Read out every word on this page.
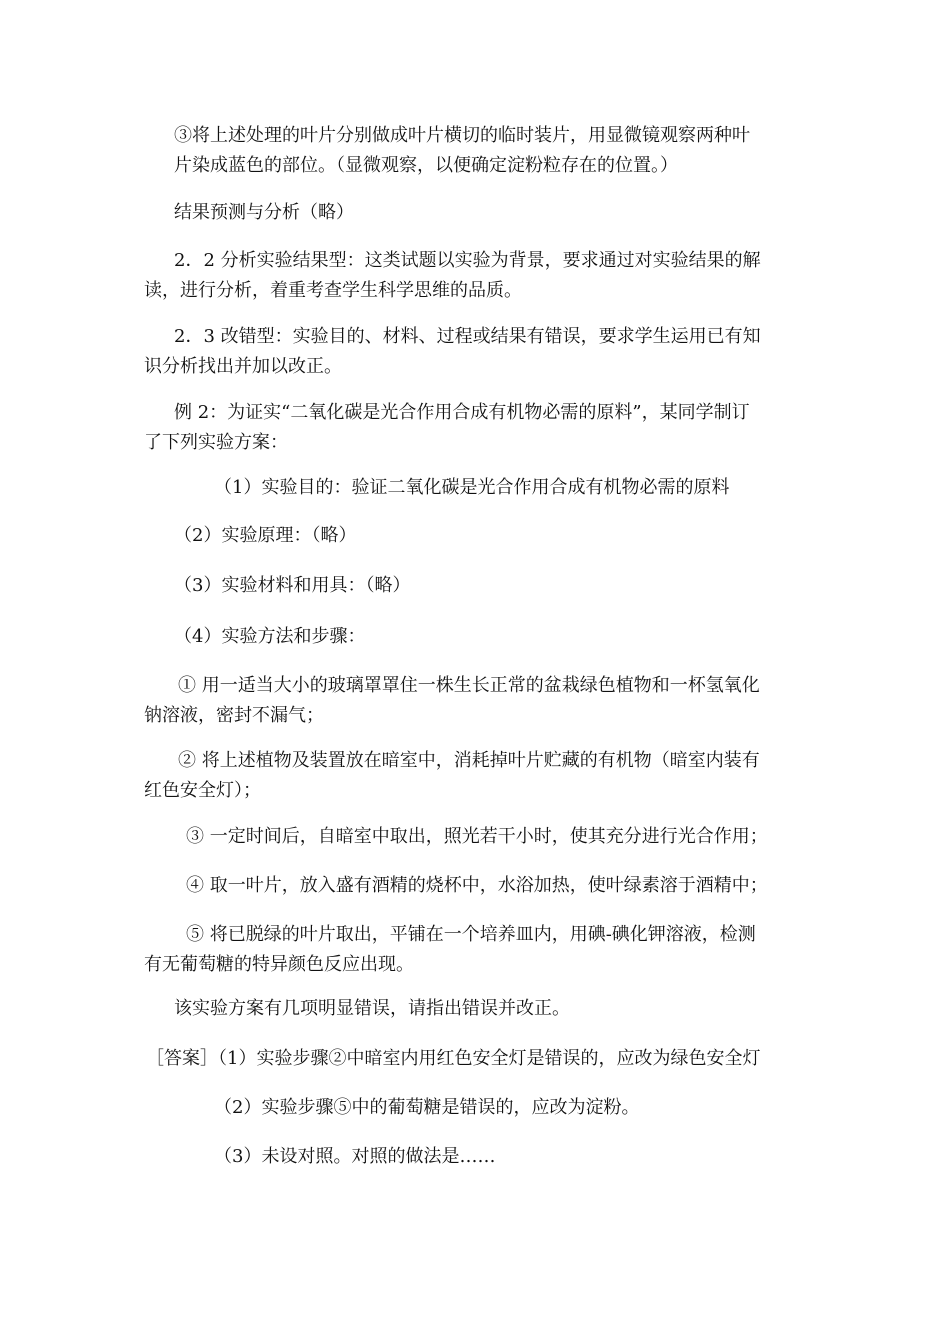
③将上述处理的叶片分别做成叶片横切的临时装片，用显微镜观察两种叶
片染成蓝色的部位。（显微观察，以便确定淀粉粒存在的位置。）
结果预测与分析（略）
2．2 分析实验结果型：这类试题以实验为背景，要求通过对实验结果的解
读，进行分析，着重考查学生科学思维的品质。
2．3 改错型：实验目的、材料、过程或结果有错误，要求学生运用已有知
识分析找出并加以改正。
例 2：为证实“二氧化碳是光合作用合成有机物必需的原料”，某同学制订
了下列实验方案：
（1）实验目的：验证二氧化碳是光合作用合成有机物必需的原料
（2）实验原理：（略）
（3）实验材料和用具：（略）
（4）实验方法和步骤：
① 用一适当大小的玻璃罩罩住一株生长正常的盆栽绿色植物和一杯氢氧化
钠溶液，密封不漏气；
② 将上述植物及装置放在暗室中，消耗掉叶片贮藏的有机物（暗室内装有
红色安全灯）；
③ 一定时间后，自暗室中取出，照光若干小时，使其充分进行光合作用；
④ 取一叶片，放入盛有酒精的烧杯中，水浴加热，使叶绿素溶于酒精中；
⑤ 将已脱绿的叶片取出，平铺在一个培养皿内，用碘-碘化钾溶液，检测
有无葡萄糖的特异颜色反应出现。
该实验方案有几项明显错误，请指出错误并改正。
［答案］（1）实验步骤②中暗室内用红色安全灯是错误的，应改为绿色安全灯
（2）实验步骤⑤中的葡萄糖是错误的，应改为淀粉。
（3）未设对照。对照的做法是……
